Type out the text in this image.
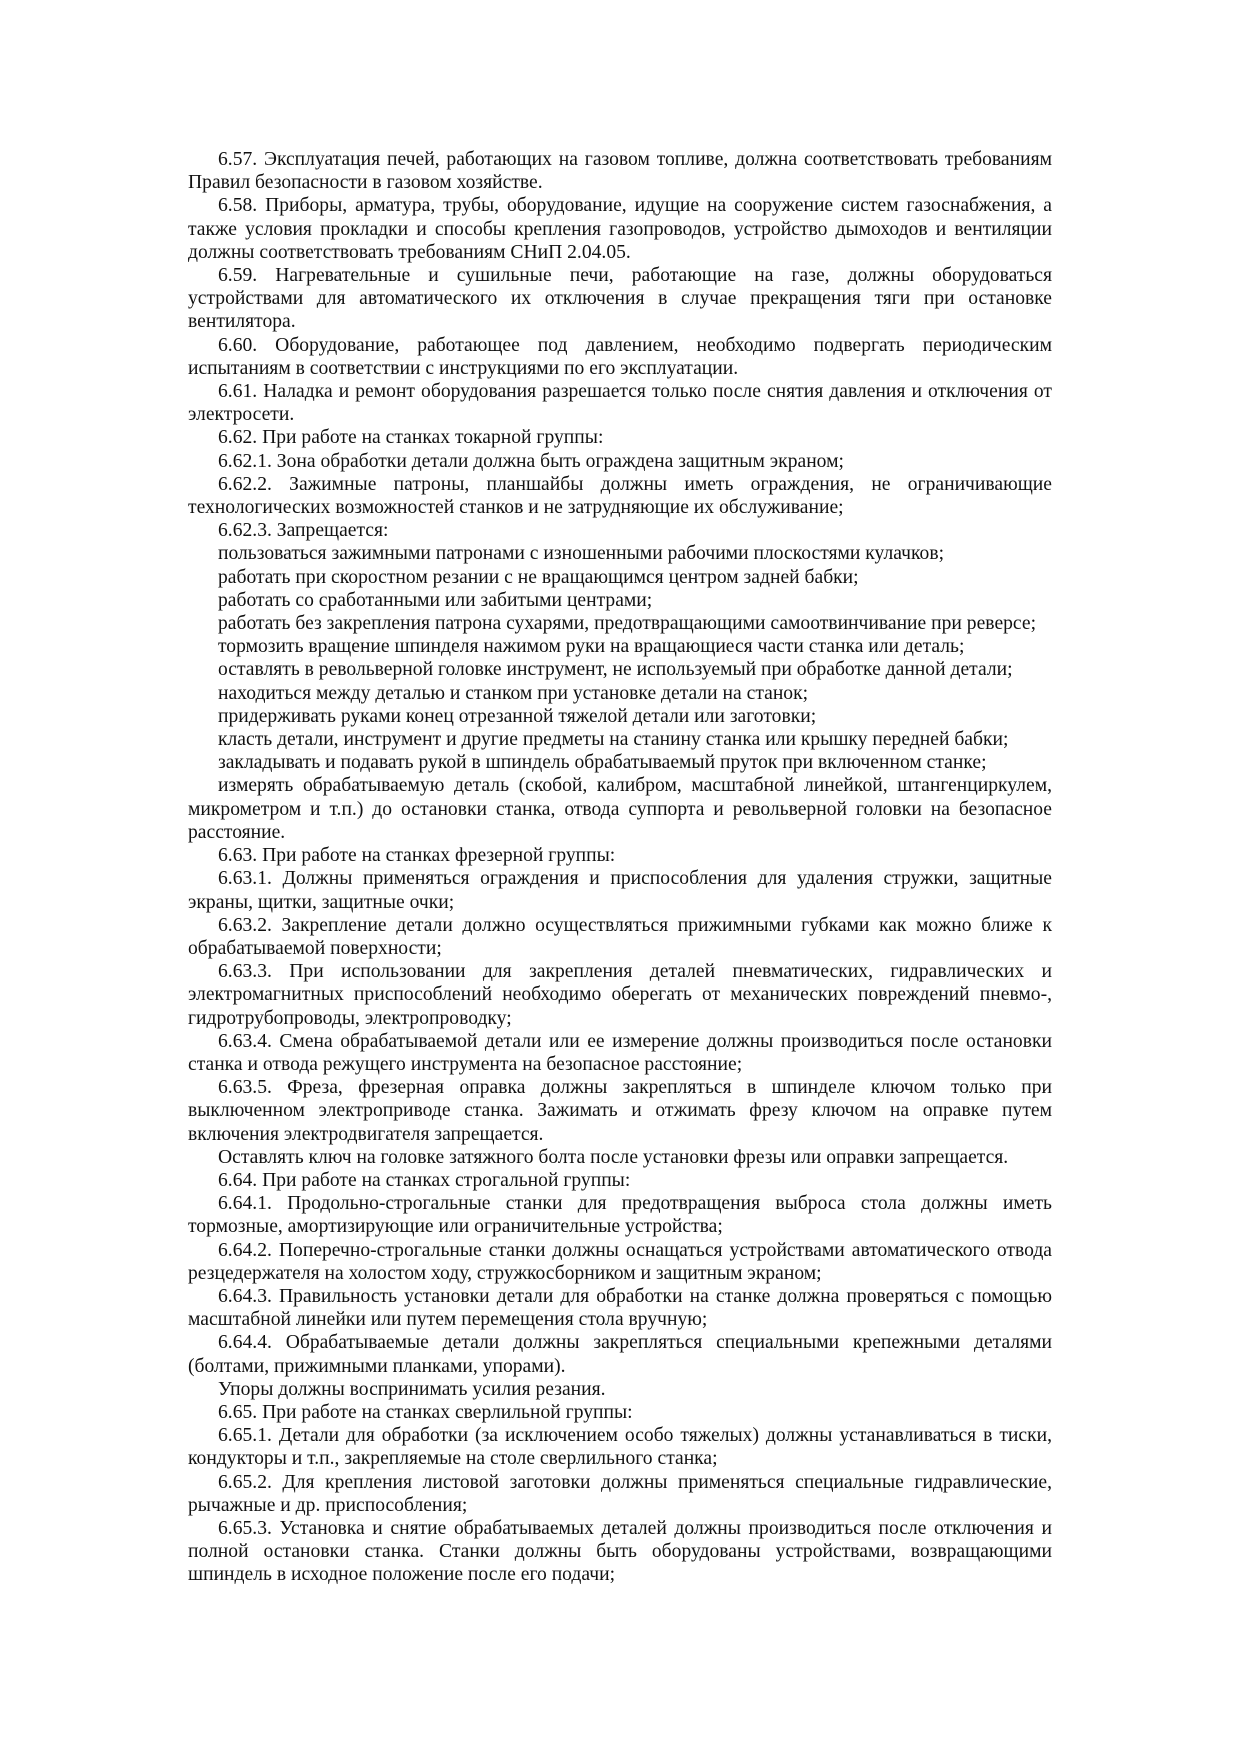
6.57. Эксплуатация печей, работающих на газовом топливе, должна соответствовать требованиям Правил безопасности в газовом хозяйстве.

6.58. Приборы, арматура, трубы, оборудование, идущие на сооружение систем газоснабжения, а также условия прокладки и способы крепления газопроводов, устройство дымоходов и вентиляции должны соответствовать требованиям СНиП 2.04.05.

6.59. Нагревательные и сушильные печи, работающие на газе, должны оборудоваться устройствами для автоматического их отключения в случае прекращения тяги при остановке вентилятора.

6.60. Оборудование, работающее под давлением, необходимо подвергать периодическим испытаниям в соответствии с инструкциями по его эксплуатации.

6.61. Наладка и ремонт оборудования разрешается только после снятия давления и отключения от электросети.

6.62. При работе на станках токарной группы:

6.62.1. Зона обработки детали должна быть ограждена защитным экраном;

6.62.2. Зажимные патроны, планшайбы должны иметь ограждения, не ограничивающие технологических возможностей станков и не затрудняющие их обслуживание;

6.62.3. Запрещается:

пользоваться зажимными патронами с изношенными рабочими плоскостями кулачков;

работать при скоростном резании с не вращающимся центром задней бабки;

работать со сработанными или забитыми центрами;

работать без закрепления патрона сухарями, предотвращающими самоотвинчивание при реверсе;

тормозить вращение шпинделя нажимом руки на вращающиеся части станка или деталь;

оставлять в револьверной головке инструмент, не используемый при обработке данной детали;

находиться между деталью и станком при установке детали на станок;

придерживать руками конец отрезанной тяжелой детали или заготовки;

класть детали, инструмент и другие предметы на станину станка или крышку передней бабки;

закладывать и подавать рукой в шпиндель обрабатываемый пруток при включенном станке;

измерять обрабатываемую деталь (скобой, калибром, масштабной линейкой, штангенциркулем, микрометром и т.п.) до остановки станка, отвода суппорта и револьверной головки на безопасное расстояние.

6.63. При работе на станках фрезерной группы:

6.63.1. Должны применяться ограждения и приспособления для удаления стружки, защитные экраны, щитки, защитные очки;

6.63.2. Закрепление детали должно осуществляться прижимными губками как можно ближе к обрабатываемой поверхности;

6.63.3. При использовании для закрепления деталей пневматических, гидравлических и электромагнитных приспособлений необходимо оберегать от механических повреждений пневмо-, гидротрубопроводы, электропроводку;

6.63.4. Смена обрабатываемой детали или ее измерение должны производиться после остановки станка и отвода режущего инструмента на безопасное расстояние;

6.63.5. Фреза, фрезерная оправка должны закрепляться в шпинделе ключом только при выключенном электроприводе станка. Зажимать и отжимать фрезу ключом на оправке путем включения электродвигателя запрещается.

Оставлять ключ на головке затяжного болта после установки фрезы или оправки запрещается.

6.64. При работе на станках строгальной группы:

6.64.1. Продольно-строгальные станки для предотвращения выброса стола должны иметь тормозные, амортизирующие или ограничительные устройства;

6.64.2. Поперечно-строгальные станки должны оснащаться устройствами автоматического отвода резцедержателя на холостом ходу, стружкосборником и защитным экраном;

6.64.3. Правильность установки детали для обработки на станке должна проверяться с помощью масштабной линейки или путем перемещения стола вручную;

6.64.4. Обрабатываемые детали должны закрепляться специальными крепежными деталями (болтами, прижимными планками, упорами).

Упоры должны воспринимать усилия резания.

6.65. При работе на станках сверлильной группы:

6.65.1. Детали для обработки (за исключением особо тяжелых) должны устанавливаться в тиски, кондукторы и т.п., закрепляемые на столе сверлильного станка;

6.65.2. Для крепления листовой заготовки должны применяться специальные гидравлические, рычажные и др. приспособления;

6.65.3. Установка и снятие обрабатываемых деталей должны производиться после отключения и полной остановки станка. Станки должны быть оборудованы устройствами, возвращающими шпиндель в исходное положение после его подачи;
